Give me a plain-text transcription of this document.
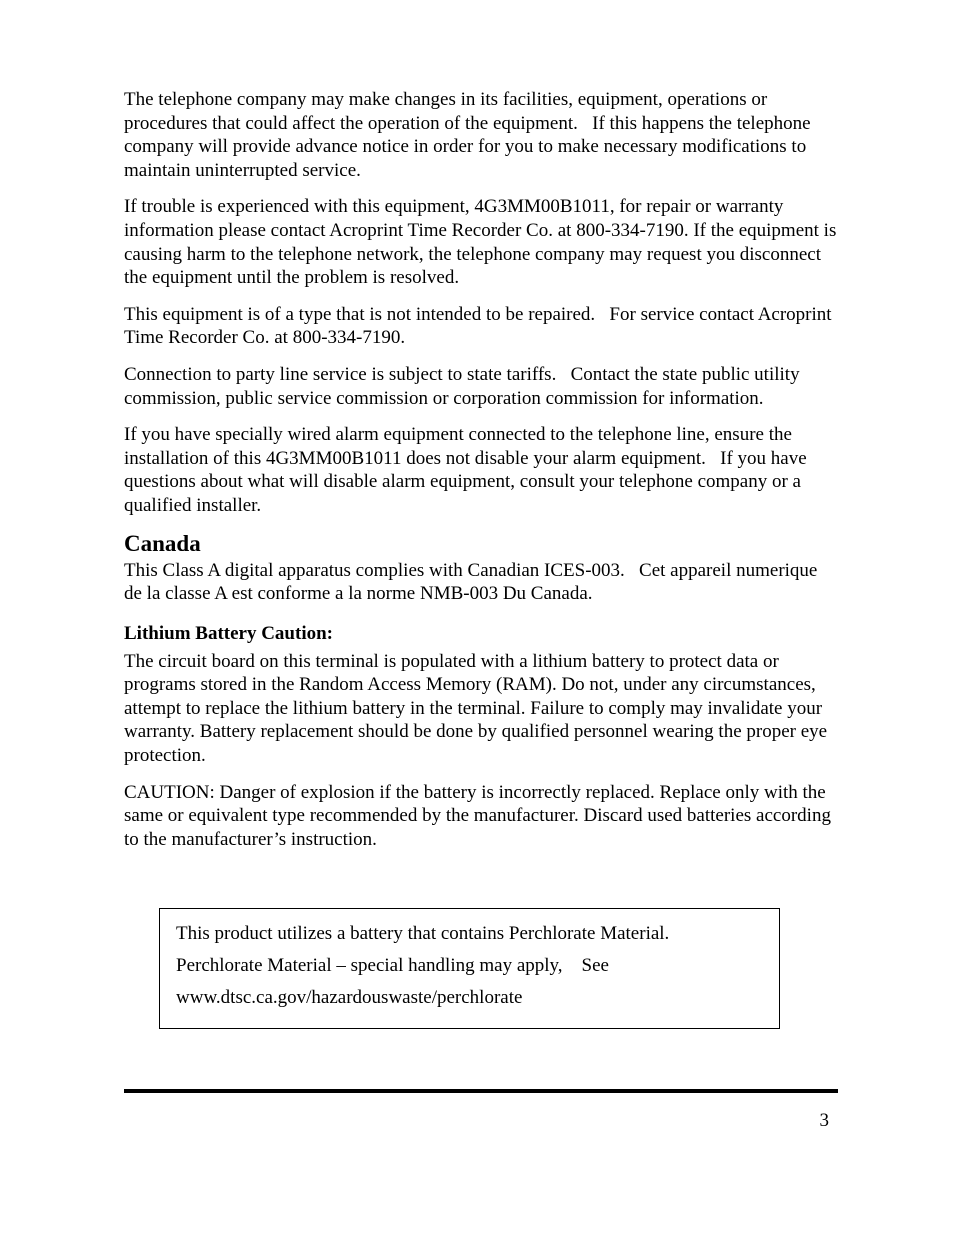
The telephone company may make changes in its facilities, equipment, operations or procedures that could affect the operation of the equipment.   If this happens the telephone company will provide advance notice in order for you to make necessary modifications to maintain uninterrupted service.

If trouble is experienced with this equipment, 4G3MM00B1011, for repair or warranty information please contact Acroprint Time Recorder Co. at 800-334-7190. If the equipment is causing harm to the telephone network, the telephone company may request you disconnect the equipment until the problem is resolved.

This equipment is of a type that is not intended to be repaired.   For service contact Acroprint Time Recorder Co. at 800-334-7190.

Connection to party line service is subject to state tariffs.   Contact the state public utility commission, public service commission or corporation commission for information.

If you have specially wired alarm equipment connected to the telephone line, ensure the installation of this 4G3MM00B1011 does not disable your alarm equipment.   If you have questions about what will disable alarm equipment, consult your telephone company or a qualified installer.

Canada

This Class A digital apparatus complies with Canadian ICES-003.   Cet appareil numerique de la classe A est conforme a la norme NMB-003 Du Canada.

Lithium Battery Caution:

The circuit board on this terminal is populated with a lithium battery to protect data or programs stored in the Random Access Memory (RAM). Do not, under any circumstances, attempt to replace the lithium battery in the terminal. Failure to comply may invalidate your warranty. Battery replacement should be done by qualified personnel wearing the proper eye protection.

CAUTION: Danger of explosion if the battery is incorrectly replaced. Replace only with the same or equivalent type recommended by the manufacturer. Discard used batteries according to the manufacturer’s instruction.

This product utilizes a battery that contains Perchlorate Material.

Perchlorate Material – special handling may apply,    See

www.dtsc.ca.gov/hazardouswaste/perchlorate

3
